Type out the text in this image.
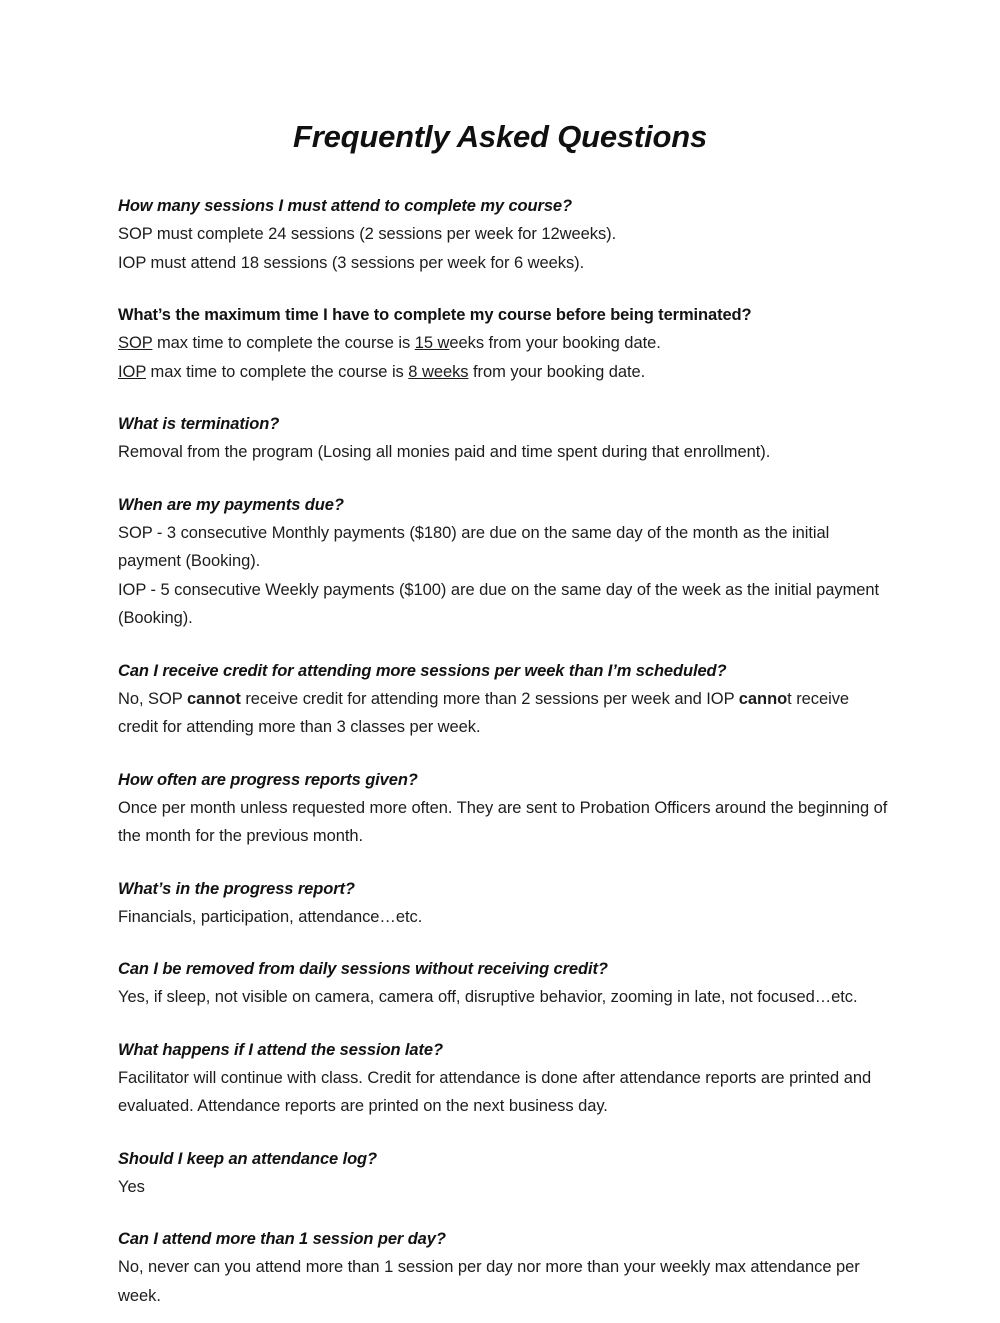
Frequently Asked Questions

How many sessions I must attend to complete my course?

SOP must complete 24 sessions (2 sessions per week for 12weeks).

IOP must attend 18 sessions (3 sessions per week for 6 weeks).

What’s the maximum time I have to complete my course before being terminated?

SOP max time to complete the course is 15 weeks from your booking date.

IOP max time to complete the course is 8 weeks from your booking date.

What is termination?

Removal from the program (Losing all monies paid and time spent during that enrollment).

When are my payments due?

SOP - 3 consecutive Monthly payments ($180) are due on the same day of the month as the initial payment (Booking).

IOP - 5 consecutive Weekly payments ($100) are due on the same day of the week as the initial payment (Booking).

Can I receive credit for attending more sessions per week than I’m scheduled?

No, SOP cannot receive credit for attending more than 2 sessions per week and IOP cannot receive credit for attending more than 3 classes per week.

How often are progress reports given?

Once per month unless requested more often. They are sent to Probation Officers around the beginning of the month for the previous month.

What’s in the progress report?

Financials, participation, attendance…etc.

Can I be removed from daily sessions without receiving credit?

Yes, if sleep, not visible on camera, camera off, disruptive behavior, zooming in late, not focused…etc.

What happens if I attend the session late?

Facilitator will continue with class. Credit for attendance is done after attendance reports are printed and evaluated. Attendance reports are printed on the next business day.

Should I keep an attendance log?

Yes

Can I attend more than 1 session per day?

No, never can you attend more than 1 session per day nor more than your weekly max attendance per week.
